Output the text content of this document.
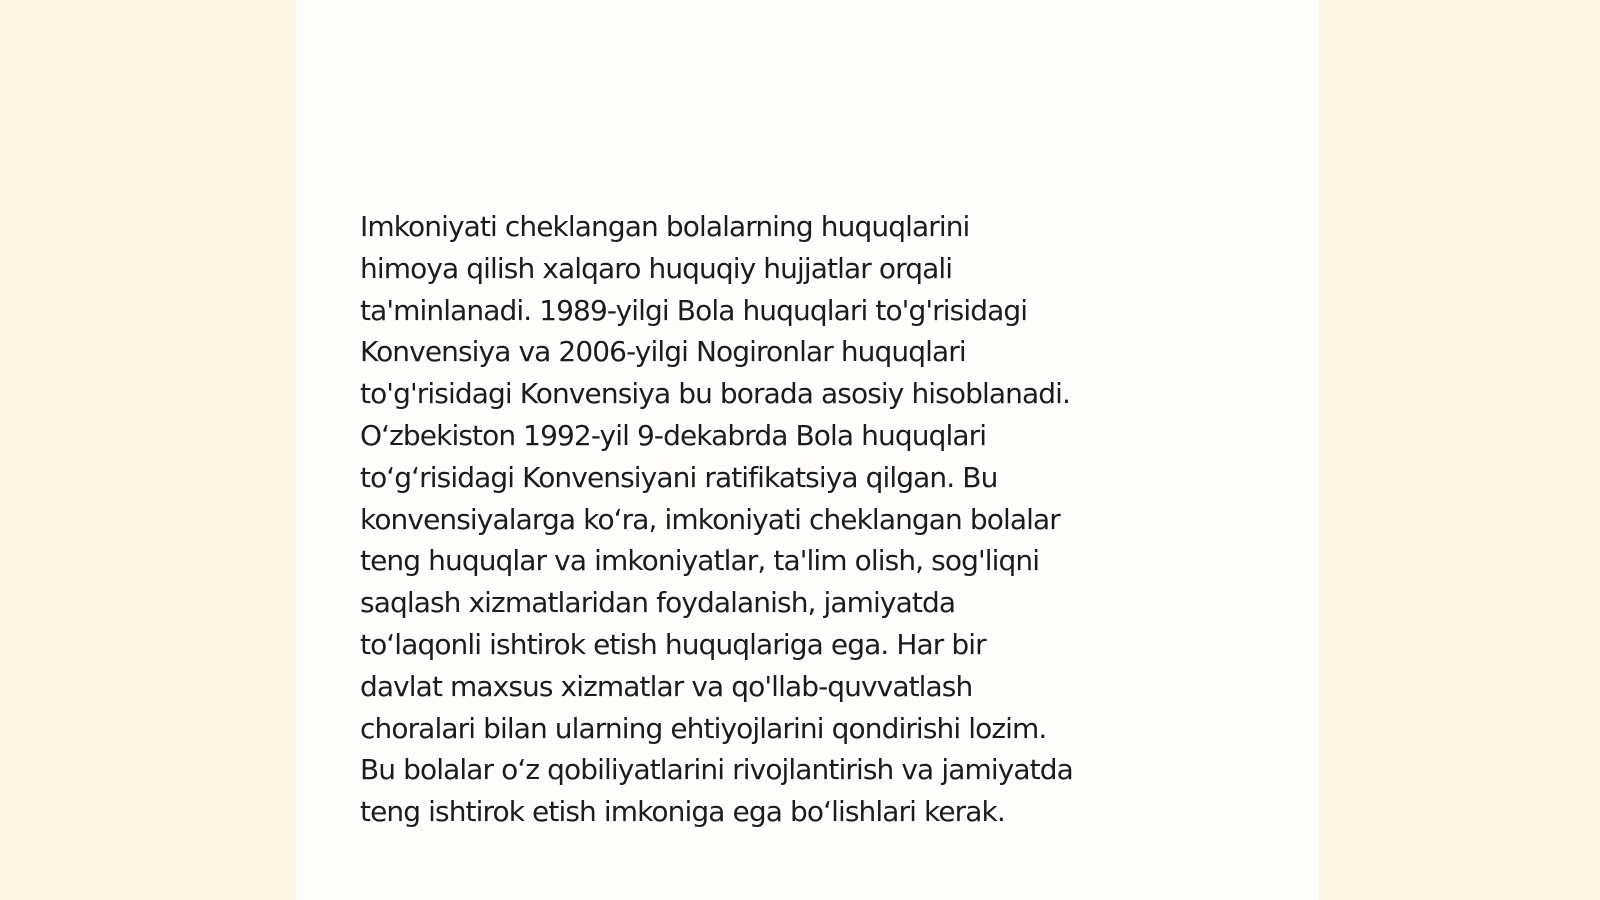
Imkoniyati cheklangan bolalarning huquqlarini
himoya qilish xalqaro huquqiy hujjatlar orqali
ta'minlanadi. 1989-yilgi Bola huquqlari to'g'risidagi
Konvensiya va 2006-yilgi Nogironlar huquqlari
to'g'risidagi Konvensiya bu borada asosiy hisoblanadi.
O‘zbekiston 1992-yil 9-dekabrda Bola huquqlari
to‘g‘risidagi Konvensiyani ratifikatsiya qilgan. Bu
konvensiyalarga ko‘ra, imkoniyati cheklangan bolalar
teng huquqlar va imkoniyatlar, ta'lim olish, sog'liqni
saqlash xizmatlaridan foydalanish, jamiyatda
to‘laqonli ishtirok etish huquqlariga ega. Har bir
davlat maxsus xizmatlar va qo'llab-quvvatlash
choralari bilan ularning ehtiyojlarini qondirishi lozim.
Bu bolalar o‘z qobiliyatlarini rivojlantirish va jamiyatda
teng ishtirok etish imkoniga ega bo‘lishlari kerak.
